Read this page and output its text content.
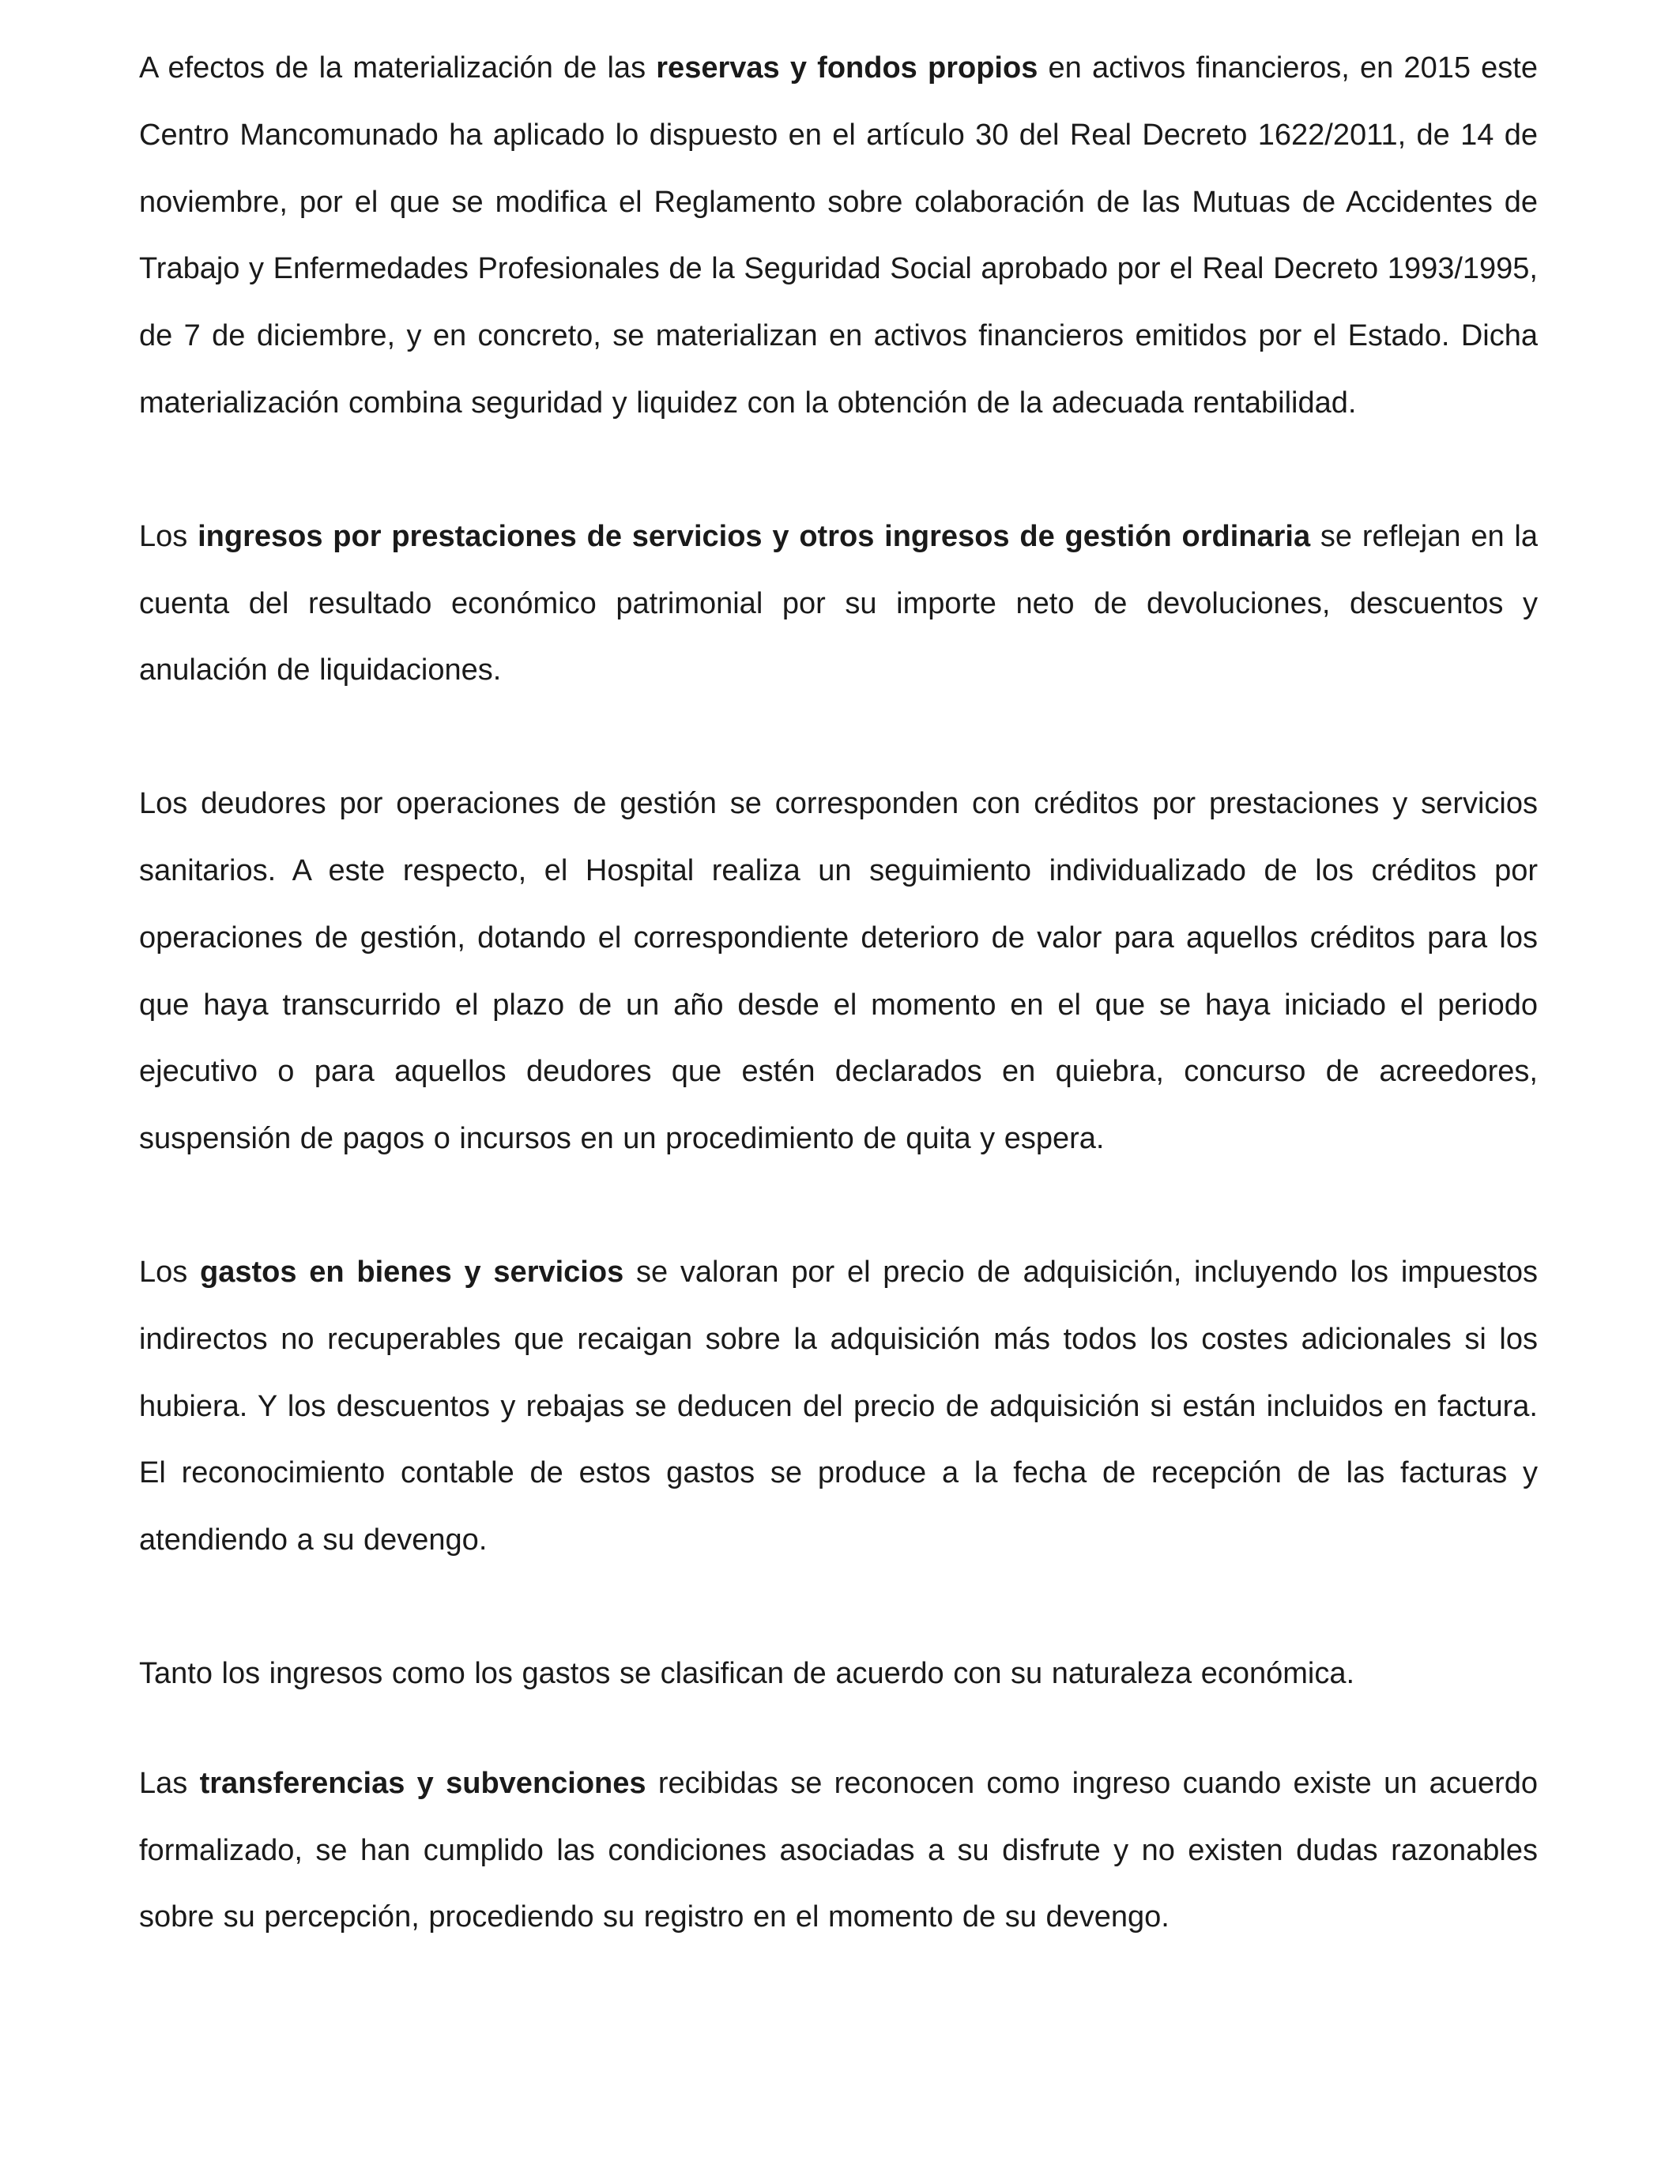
A efectos de la materialización de las reservas y fondos propios en activos financieros, en 2015 este Centro Mancomunado ha aplicado lo dispuesto en el artículo 30 del Real Decreto 1622/2011, de 14 de noviembre, por el que se modifica el Reglamento sobre colaboración de las Mutuas de Accidentes de Trabajo y Enfermedades Profesionales de la Seguridad Social aprobado por el Real Decreto 1993/1995, de 7 de diciembre, y en concreto, se materializan en activos financieros emitidos por el Estado. Dicha materialización combina seguridad y liquidez con la obtención de la adecuada rentabilidad.

Los ingresos por prestaciones de servicios y otros ingresos de gestión ordinaria se reflejan en la cuenta del resultado económico patrimonial por su importe neto de devoluciones, descuentos y anulación de liquidaciones.

Los deudores por operaciones de gestión se corresponden con créditos por prestaciones y servicios sanitarios. A este respecto, el Hospital realiza un seguimiento individualizado de los créditos por operaciones de gestión, dotando el correspondiente deterioro de valor para aquellos créditos para los que haya transcurrido el plazo de un año desde el momento en el que se haya iniciado el periodo ejecutivo o para aquellos deudores que estén declarados en quiebra, concurso de acreedores, suspensión de pagos o incursos en un procedimiento de quita y espera.

Los gastos en bienes y servicios se valoran por el precio de adquisición, incluyendo los impuestos indirectos no recuperables que recaigan sobre la adquisición más todos los costes adicionales si los hubiera. Y los descuentos y rebajas se deducen del precio de adquisición si están incluidos en factura. El reconocimiento contable de estos gastos se produce a la fecha de recepción de las facturas y atendiendo a su devengo.

Tanto los ingresos como los gastos se clasifican de acuerdo con su naturaleza económica.

Las transferencias y subvenciones recibidas se reconocen como ingreso cuando existe un acuerdo formalizado, se han cumplido las condiciones asociadas a su disfrute y no existen dudas razonables sobre su percepción, procediendo su registro en el momento de su devengo.
